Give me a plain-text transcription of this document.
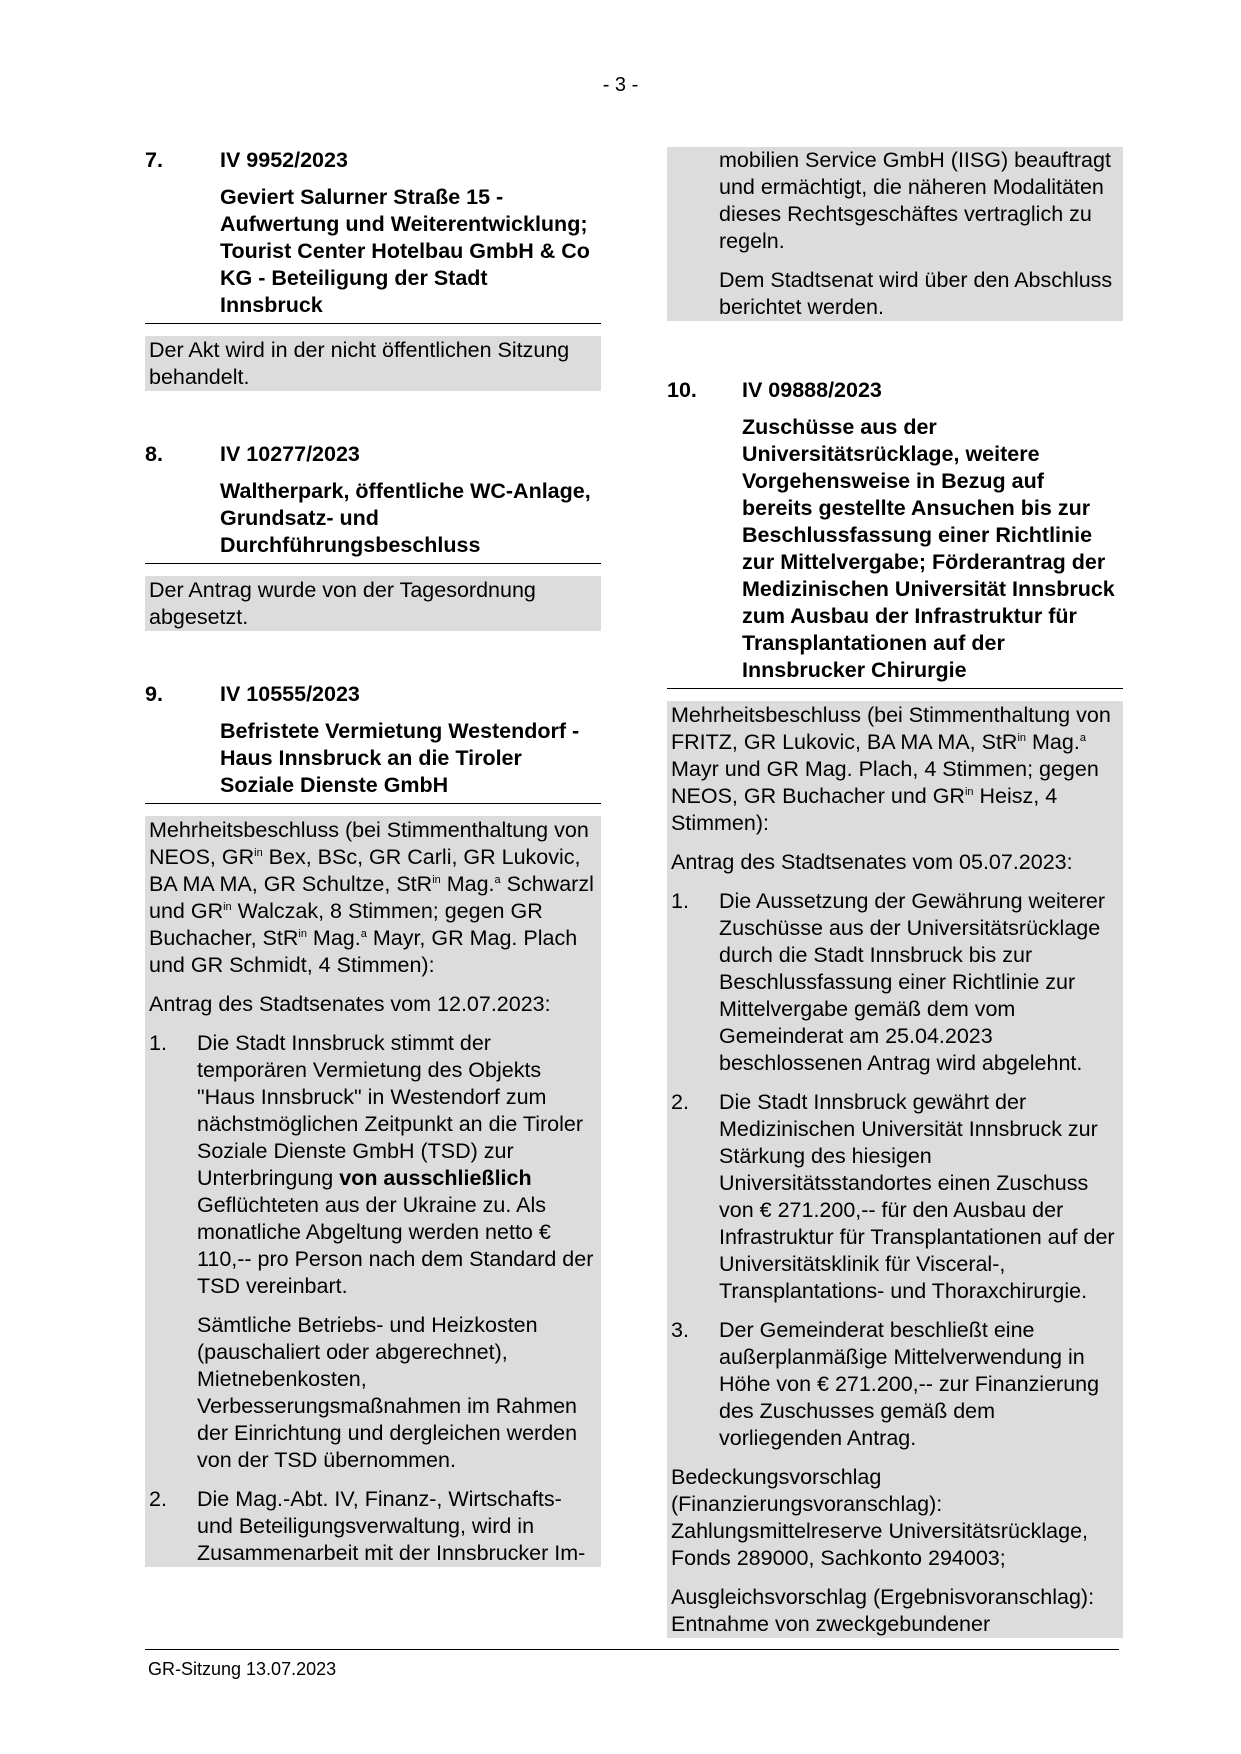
- 3 -
7.	IV 9952/2023
Geviert Salurner Straße 15 - Aufwertung und Weiterentwicklung; Tourist Center Hotelbau GmbH & Co KG - Beteiligung der Stadt Innsbruck

Der Akt wird in der nicht öffentlichen Sitzung behandelt.

8.	IV 10277/2023
Waltherpark, öffentliche WC-Anlage, Grundsatz- und Durchführungsbeschluss

Der Antrag wurde von der Tagesordnung abgesetzt.

9.	IV 10555/2023
Befristete Vermietung Westendorf - Haus Innsbruck an die Tiroler Soziale Dienste GmbH

Mehrheitsbeschluss (bei Stimmenthaltung von NEOS, $GR^{in}$ Bex, BSc, GR Carli, GR Lukovic, BA MA MA, GR Schultze, StR$^{in}$ Mag.$^a$ Schwarzl und $GR^{in}$ Walczak, 8 Stimmen; gegen GR Buchacher, StR$^{in}$ Mag.$^a$ Mayr, GR Mag. Plach und GR Schmidt, 4 Stimmen):

Antrag des Stadtsenates vom 12.07.2023:

1.	Die Stadt Innsbruck stimmt der temporären Vermietung des Objekts "Haus Innsbruck" in Westendorf zum nächstmöglichen Zeitpunkt an die Tiroler Soziale Dienste GmbH (TSD) zur Unterbringung von ausschließlich Geflüchteten aus der Ukraine zu. Als monatliche Abgeltung werden netto € 110,-- pro Person nach dem Standard der TSD vereinbart.

Sämtliche Betriebs- und Heizkosten (pauschaliert oder abgerechnet), Mietnebenkosten, Verbesserungsmaßnahmen im Rahmen der Einrichtung und dergleichen werden von der TSD übernommen.

2.	Die Mag.-Abt. IV, Finanz-, Wirtschafts- und Beteiligungsverwaltung, wird in Zusammenarbeit mit der Innsbrucker Im-

mobilien Service GmbH (IISG) beauftragt und ermächtigt, die näheren Modalitäten dieses Rechtsgeschäftes vertraglich zu regeln.

Dem Stadtsenat wird über den Abschluss berichtet werden.

10.	IV 09888/2023
Zuschüsse aus der Universitätsrücklage, weitere Vorgehensweise in Bezug auf bereits gestellte Ansuchen bis zur Beschlussfassung einer Richtlinie zur Mittelvergabe; Förderantrag der Medizinischen Universität Innsbruck zum Ausbau der Infrastruktur für Transplantationen auf der Innsbrucker Chirurgie

Mehrheitsbeschluss (bei Stimmenthaltung von FRITZ, GR Lukovic, BA MA MA, StR$^{in}$ Mag.$^a$ Mayr und GR Mag. Plach, 4 Stimmen; gegen NEOS, GR Buchacher und $GR^{in}$ Heisz, 4 Stimmen):

Antrag des Stadtsenates vom 05.07.2023:

1.	Die Aussetzung der Gewährung weiterer Zuschüsse aus der Universitätsrücklage durch die Stadt Innsbruck bis zur Beschlussfassung einer Richtlinie zur Mittelvergabe gemäß dem vom Gemeinderat am 25.04.2023 beschlossenen Antrag wird abgelehnt.
2.	Die Stadt Innsbruck gewährt der Medizinischen Universität Innsbruck zur Stärkung des hiesigen Universitätsstandortes einen Zuschuss von € 271.200,-- für den Ausbau der Infrastruktur für Transplantationen auf der Universitätsklinik für Visceral-, Transplantations- und Thoraxchirurgie.
3.	Der Gemeinderat beschließt eine außerplanmäßige Mittelverwendung in Höhe von € 271.200,-- zur Finanzierung des Zuschusses gemäß dem vorliegenden Antrag.

Bedeckungsvorschlag (Finanzierungsvoranschlag): Zahlungsmittelreserve Universitätsrücklage, Fonds 289000, Sachkonto 294003;

Ausgleichsvorschlag (Ergebnisvoranschlag): Entnahme von zweckgebundener

GR-Sitzung 13.07.2023
